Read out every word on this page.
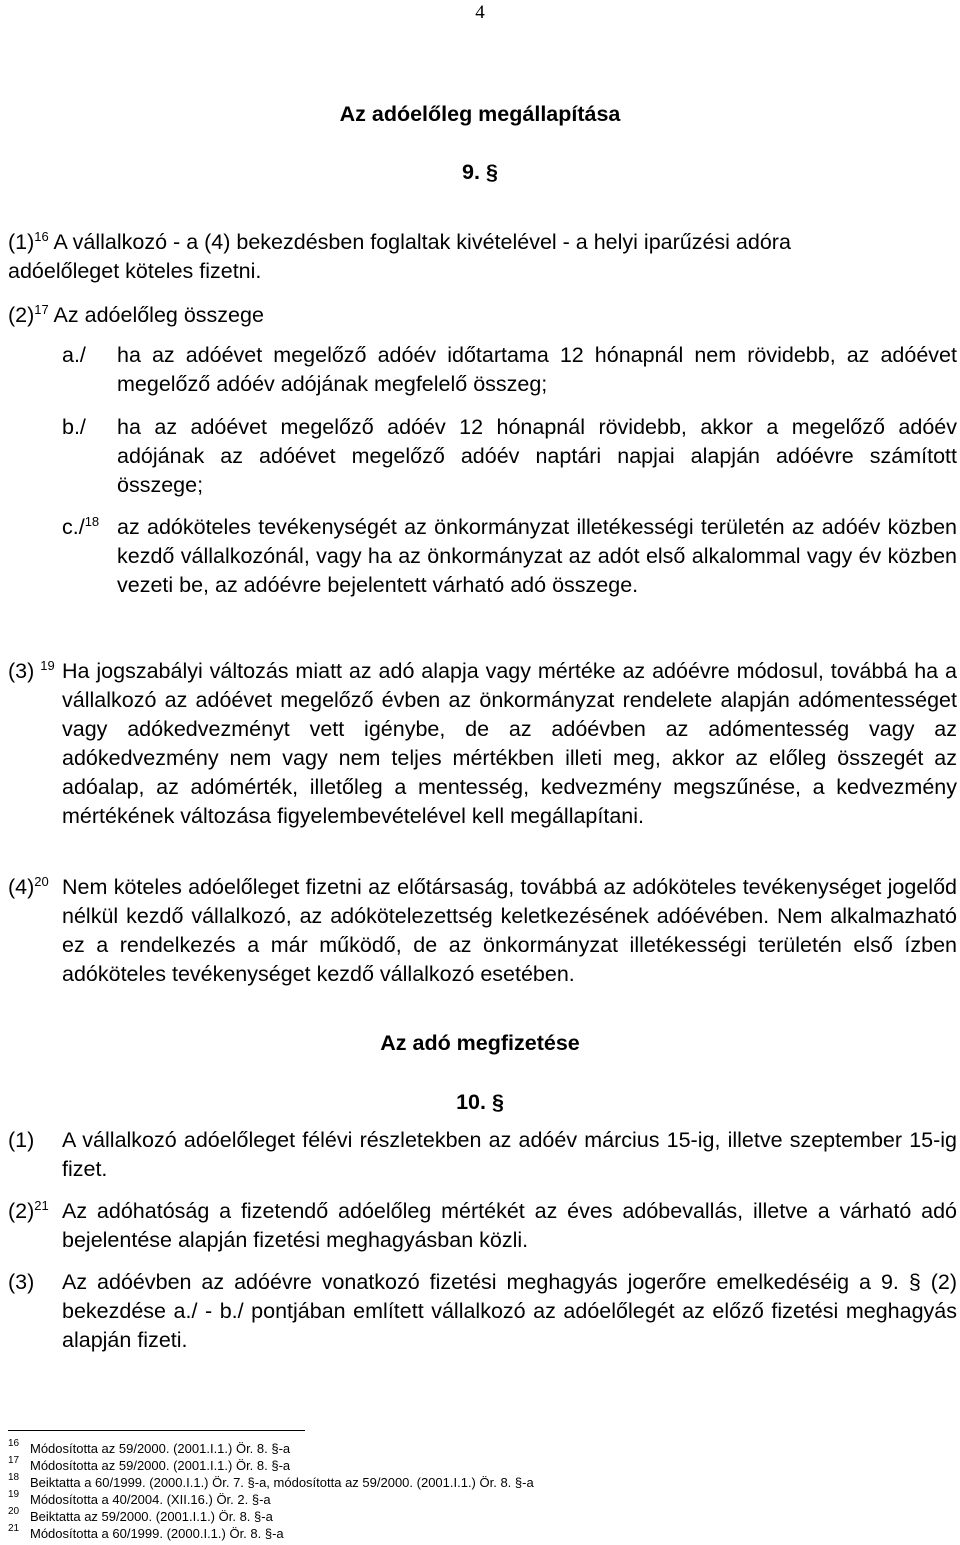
4
Az adóelőleg megállapítása
9. §
$(1)^{16}$ A vállalkozó - a (4) bekezdésben foglaltak kivételével - a helyi iparűzési adóra
adóelőleget köteles fizetni.
$(2)^{17}$ Az adóelőleg összege
a./ ha az adóévet megelőző adóév időtartama 12 hónapnál nem rövidebb, az adóévet megelőző adóév adójának megfelelő összeg;
b./ ha az adóévet megelőző adóév 12 hónapnál rövidebb, akkor a megelőző adóév adójának az adóévet megelőző adóév naptári napjai alapján adóévre számított összege;
c./$^{18}$ az adóköteles tevékenységét az önkormányzat illetékességi területén az adóév közben kezdő vállalkozónál, vagy ha az önkormányzat az adót első alkalommal vagy év közben vezeti be, az adóévre bejelentett várható adó összege.
(3) $^{19}$ Ha jogszabályi változás miatt az adó alapja vagy mértéke az adóévre módosul, továbbá ha a vállalkozó az adóévet megelőző évben az önkormányzat rendelete alapján adómentességet vagy adókedvezményt vett igénybe, de az adóévben az adómentesség vagy az adókedvezmény nem vagy nem teljes mértékben illeti meg, akkor az előleg összegét az adóalap, az adómérték, illetőleg a mentesség, kedvezmény megszűnése, a kedvezmény mértékének változása figyelembevételével kell megállapítani.
$(4)^{20}$ Nem köteles adóelőleget fizetni az előtársaság, továbbá az adóköteles tevékenységet jogelőd nélkül kezdő vállalkozó, az adókötelezettség keletkezésének adóévében. Nem alkalmazható ez a rendelkezés a már működő, de az önkormányzat illetékességi területén első ízben adóköteles tevékenységet kezdő vállalkozó esetében.
Az adó megfizetése
10. §
(1) A vállalkozó adóelőleget félévi részletekben az adóév március 15-ig, illetve szeptember 15-ig fizet.
$(2)^{21}$ Az adóhatóság a fizetendő adóelőleg mértékét az éves adóbevallás, illetve a várható adó bejelentése alapján fizetési meghagyásban közli.
(3) Az adóévben az adóévre vonatkozó fizetési meghagyás jogerőre emelkedéséig a 9. § (2) bekezdése a./ - b./ pontjában említett vállalkozó az adóelőlegét az előző fizetési meghagyás alapján fizeti.
16 Módosította az 59/2000. (2001.I.1.) Ör. 8. §-a
17 Módosította az 59/2000. (2001.I.1.) Ör. 8. §-a
18 Beiktatta a 60/1999. (2000.I.1.) Ör. 7. §-a, módosította az 59/2000. (2001.I.1.) Ör. 8. §-a
19 Módosította a 40/2004. (XII.16.) Ör. 2. §-a
20 Beiktatta az 59/2000. (2001.I.1.) Ör. 8. §-a
21 Módosította a 60/1999. (2000.I.1.) Ör. 8. §-a
